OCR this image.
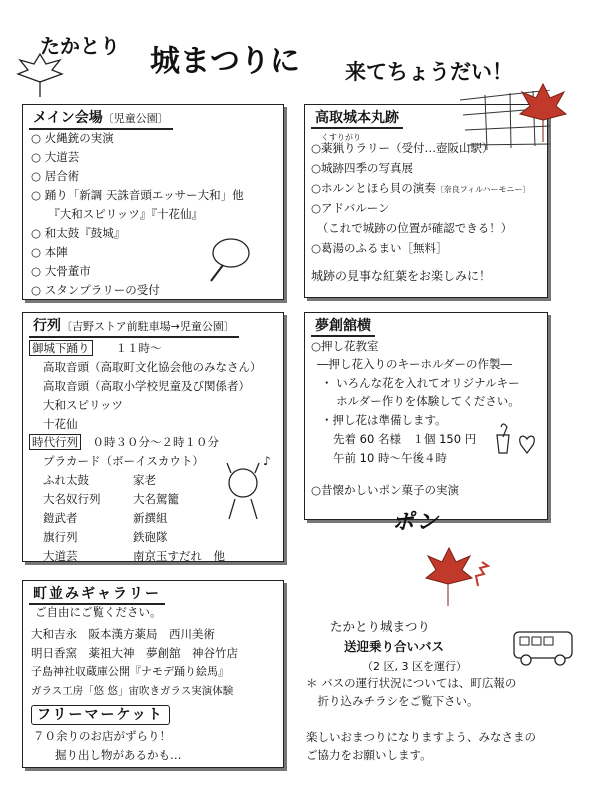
たかとり 城まつりに 来てちょうだい！
メイン会場〔児童公園〕
○ 火縄銃の実演
○ 大道芸
○ 居合術
○ 踊り「新調 天誅音頭エッサー大和」他
　　『大和スピリッツ』『十花仙』
○ 和太鼓『鼓城』
○ 本陣
○ 大骨董市
○ スタンプラリーの受付
高取城本丸跡
くすりがり
○薬猟りラリー（受付…壺阪山駅）
○城跡四季の写真展
○ホルンとほら貝の演奏〔奈良フィルハーモニー〕
○アドバルーン
　（これで城跡の位置が確認できる！）
○葛湯のふるまい［無料］
城跡の見事な紅葉をお楽しみに！
行列〔吉野ストア前駐車場→児童公園〕
御城下踊り　　 １１時～
高取音頭（高取町文化協会他のみなさん）
高取音頭（高取小学校児童及び関係者）
大和スピリッツ
十花仙
時代行列　 ０時３０分～２時１０分
プラカード（ボーイスカウト）
ふれ太鼓
大名奴行列
鎧武者
旗行列
大道芸
家老
大名駕籠
新撰組
鉄砲隊
南京玉すだれ　他
♪
夢創舘横
○押し花教室
―押し花入りのキーホルダーの作製―
・ いろんな花を入れてオリジナルキー
　 ホルダー作りを体験してください。
・押し花は準備します。
先着 60 名様　１個 150 円
午前 10 時～午後４時
○昔懐かしいポン菓子の実演
ポン
町並みギャラリー
ご自由にご覧ください。
大和吉永　阪本漢方薬局　西川美術
明日香窯　薬祖大神　夢創舘　神谷竹店
子島神社収蔵庫公開『ナモデ踊り絵馬』
ガラス工房「悠 悠」宙吹きガラス実演体験
フリーマーケット
７０余りのお店がずらり！
掘り出し物があるかも…
たかとり城まつり
送迎乗り合いバス
（2 区, 3 区を運行）
＊ バスの運行状況については、町広報の
　折り込みチラシをご覧下さい。
楽しいおまつりになりますよう、みなさまの
ご協力をお願いします。
